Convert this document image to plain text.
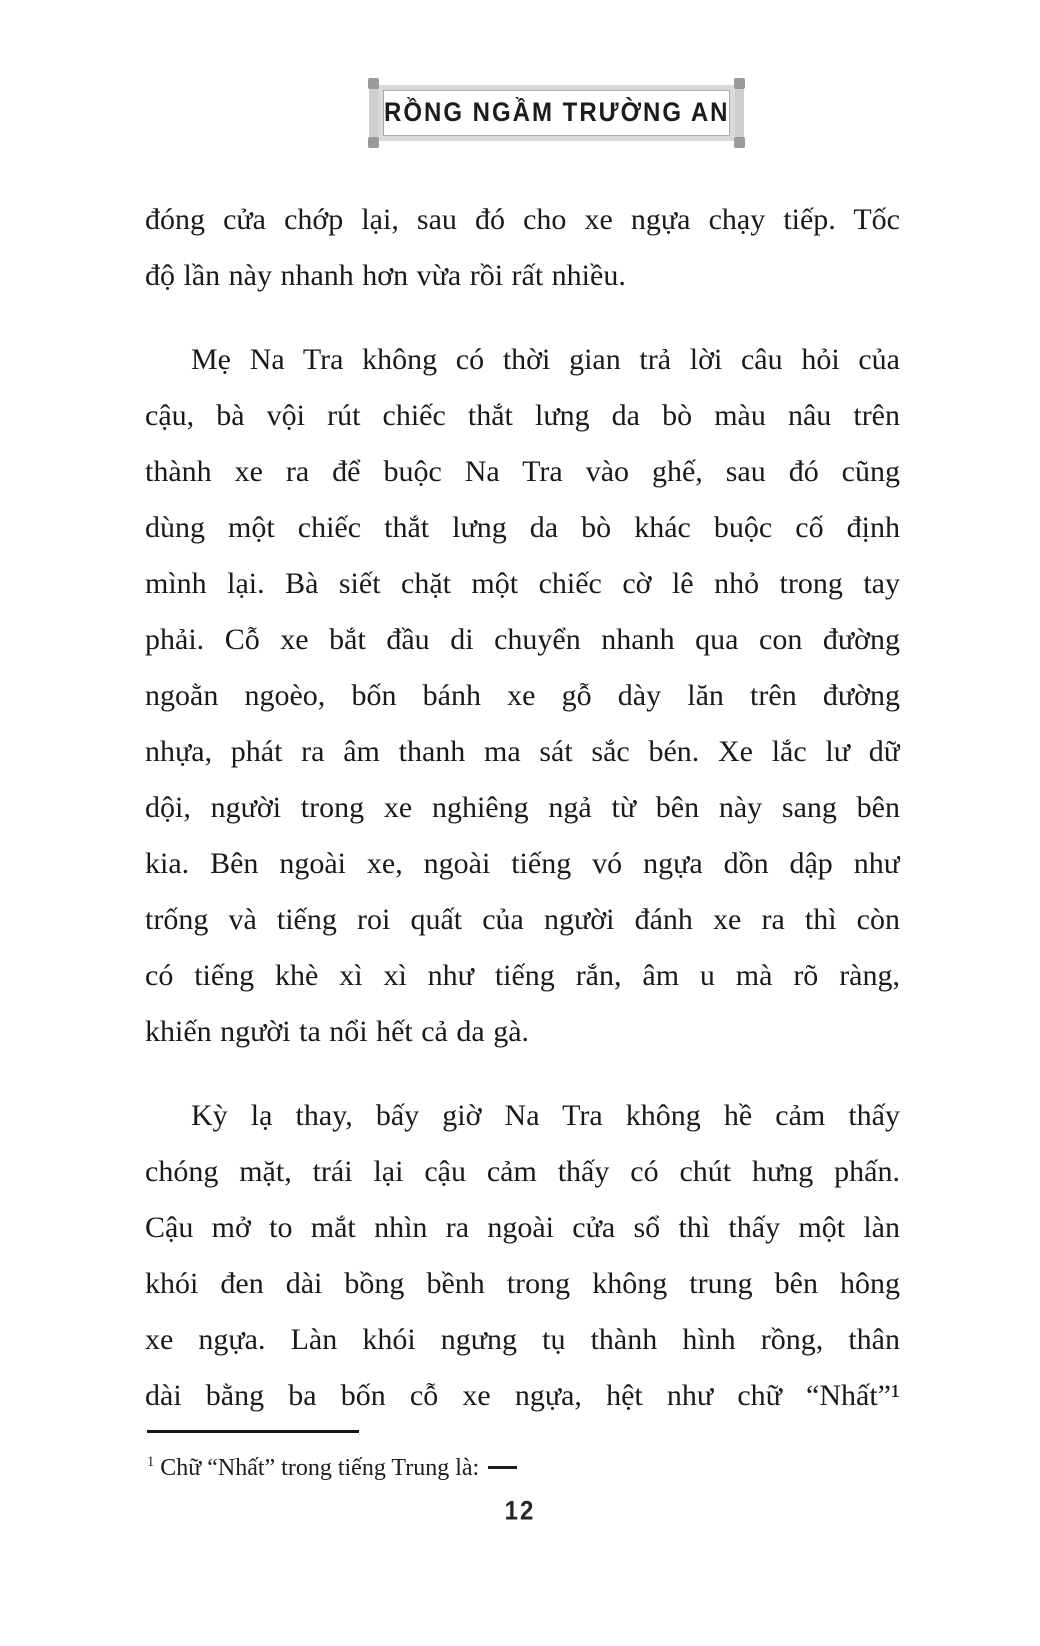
RỒNG NGẦM TRƯỜNG AN
đóng cửa chớp lại, sau đó cho xe ngựa chạy tiếp. Tốc
độ lần này nhanh hơn vừa rồi rất nhiều.
Mẹ Na Tra không có thời gian trả lời câu hỏi của
cậu, bà vội rút chiếc thắt lưng da bò màu nâu trên
thành xe ra để buộc Na Tra vào ghế, sau đó cũng
dùng một chiếc thắt lưng da bò khác buộc cố định
mình lại. Bà siết chặt một chiếc cờ lê nhỏ trong tay
phải. Cỗ xe bắt đầu di chuyển nhanh qua con đường
ngoằn ngoèo, bốn bánh xe gỗ dày lăn trên đường
nhựa, phát ra âm thanh ma sát sắc bén. Xe lắc lư dữ
dội, người trong xe nghiêng ngả từ bên này sang bên
kia. Bên ngoài xe, ngoài tiếng vó ngựa dồn dập như
trống và tiếng roi quất của người đánh xe ra thì còn
có tiếng khè xì xì như tiếng rắn, âm u mà rõ ràng,
khiến người ta nổi hết cả da gà.
Kỳ lạ thay, bấy giờ Na Tra không hề cảm thấy
chóng mặt, trái lại cậu cảm thấy có chút hưng phấn.
Cậu mở to mắt nhìn ra ngoài cửa sổ thì thấy một làn
khói đen dài bồng bềnh trong không trung bên hông
xe ngựa. Làn khói ngưng tụ thành hình rồng, thân
dài bằng ba bốn cỗ xe ngựa, hệt như chữ “Nhất”¹
$^1$ Chữ “Nhất” trong tiếng Trung là:
12
